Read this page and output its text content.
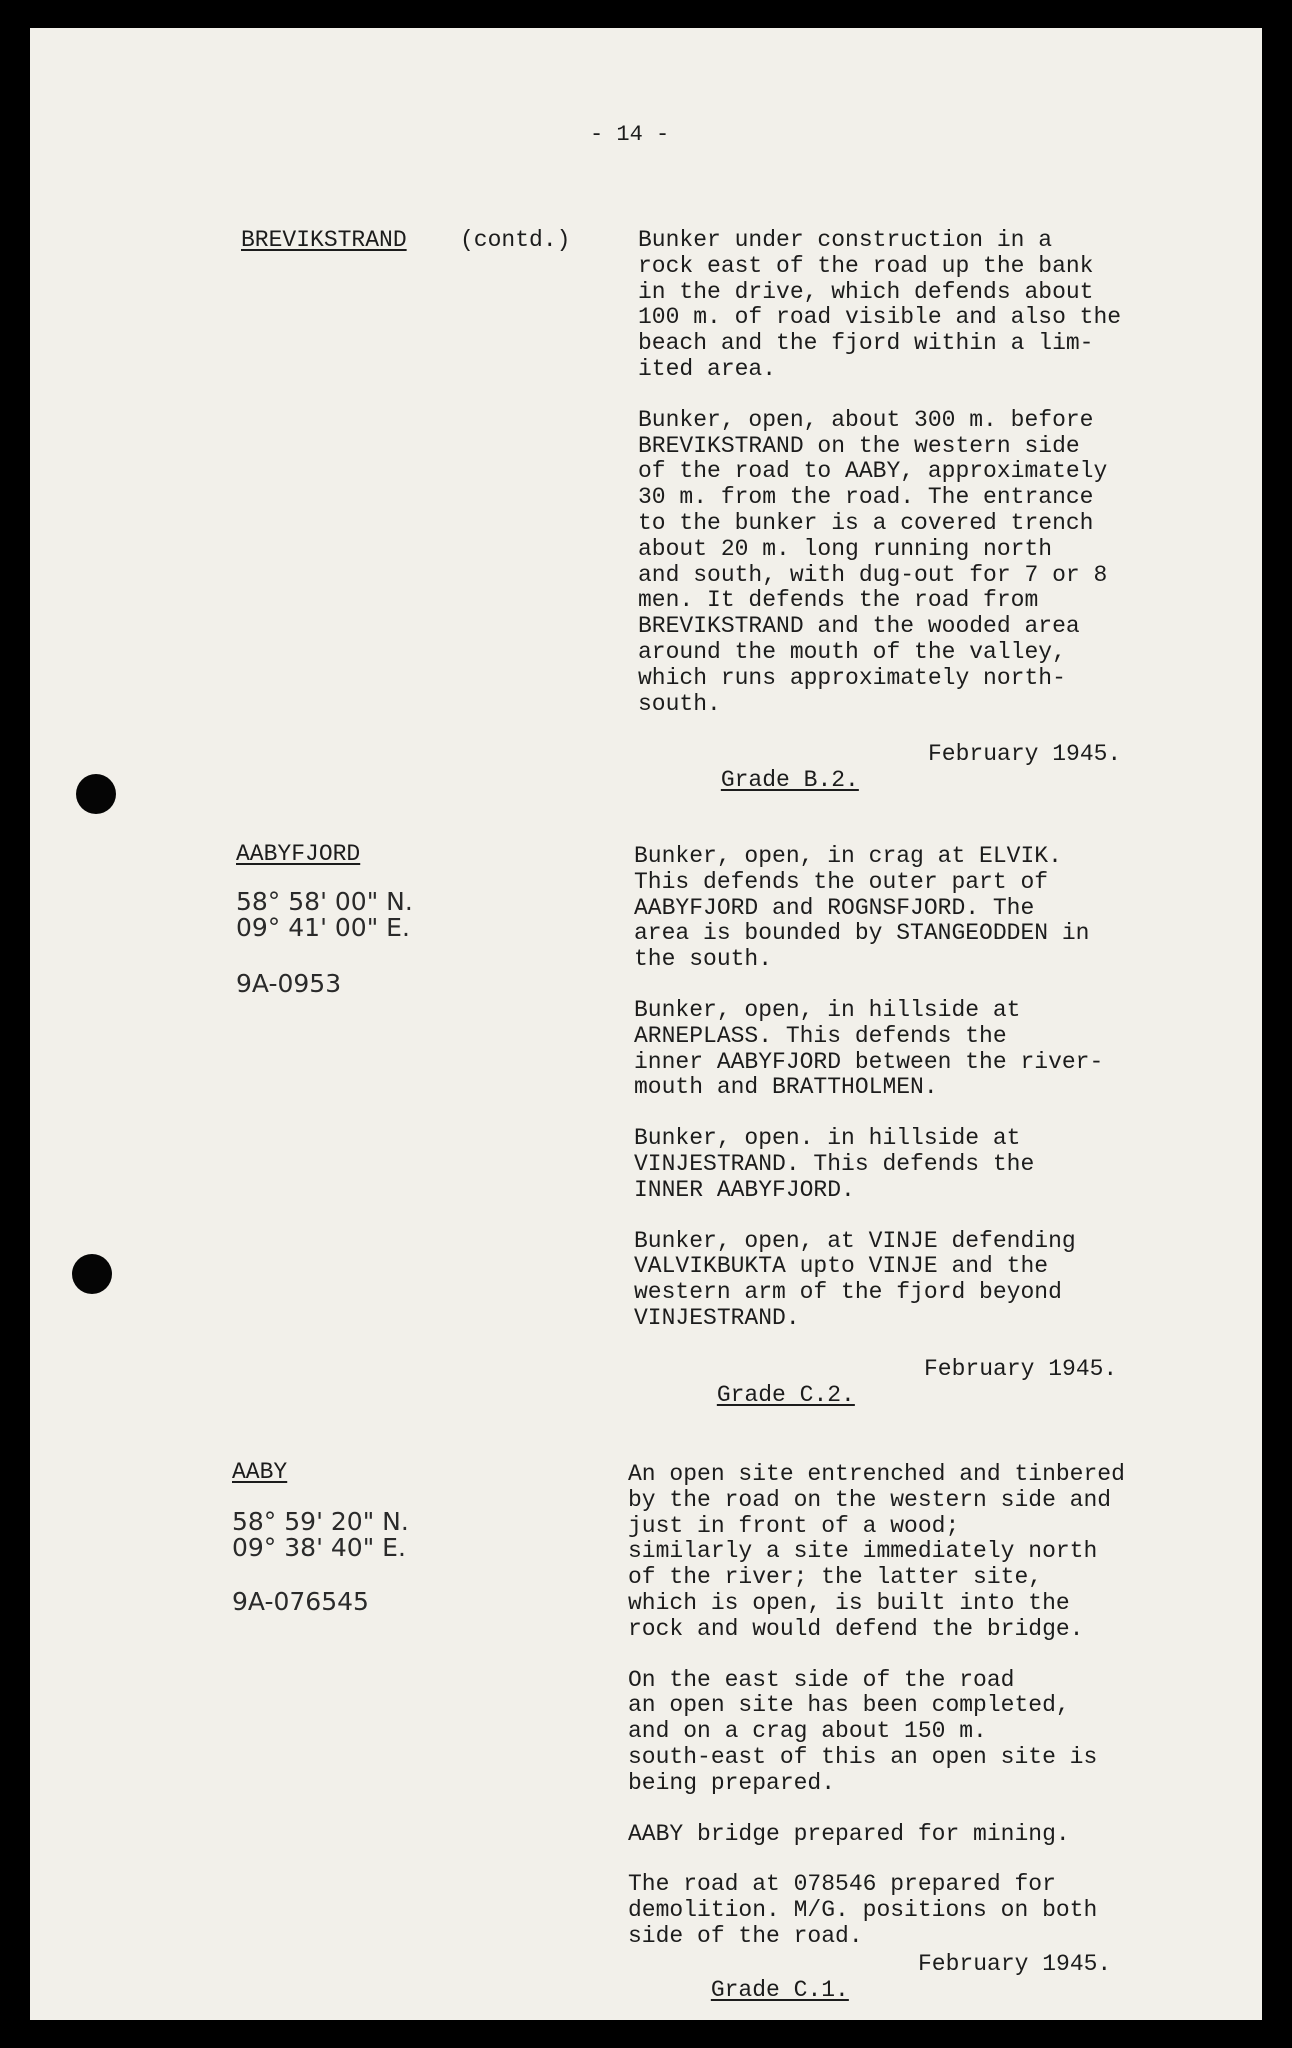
- 14 -
BREVIKSTRAND (contd.)	Bunker under construction in a
rock east of the road up the bank
in the drive, which defends about
100 m. of road visible and also the
beach and the fjord within a lim-
ited area.

Bunker, open, about 300 m. before
BREVIKSTRAND on the western side
of the road to AABY, approximately
30 m. from the road. The entrance
to the bunker is a covered trench
about 20 m. long running north
and south, with dug-out for 7 or 8
men. It defends the road from
BREVIKSTRAND and the wooded area
around the mouth of the valley,
which runs approximately north-
south.

Grade B.2.

February 1945.

AABYFJORD
58° 58' 00" N.
09° 41' 00" E.
9A-0953

Bunker, open, in crag at ELVIK.
This defends the outer part of
AABYFJORD and ROGNSFJORD. The
area is bounded by STANGEODDEN in
the south.

Bunker, open, in hillside at
ARNEPLASS. This defends the
inner AABYFJORD between the river-
mouth and BRATTHOLMEN.

Bunker, open. in hillside at
VINJESTRAND. This defends the
INNER AABYFJORD.

Bunker, open, at VINJE defending
VALVIKBUKTA upto VINJE and the
western arm of the fjord beyond
VINJESTRAND.

Grade C.2.

February 1945.

AABY
58° 59' 20" N.
09° 38' 40" E.
9A-076545

An open site entrenched and tinbered
by the road on the western side and
just in front of a wood;
similarly a site immediately north
of the river; the latter site,
which is open, is built into the
rock and would defend the bridge.

On the east side of the road
an open site has been completed,
and on a crag about 150 m.
south-east of this an open site is
being prepared.

AABY bridge prepared for mining.

The road at 078546 prepared for
demolition. M/G. positions on both
side of the road.

Grade C.1.

February 1945.
